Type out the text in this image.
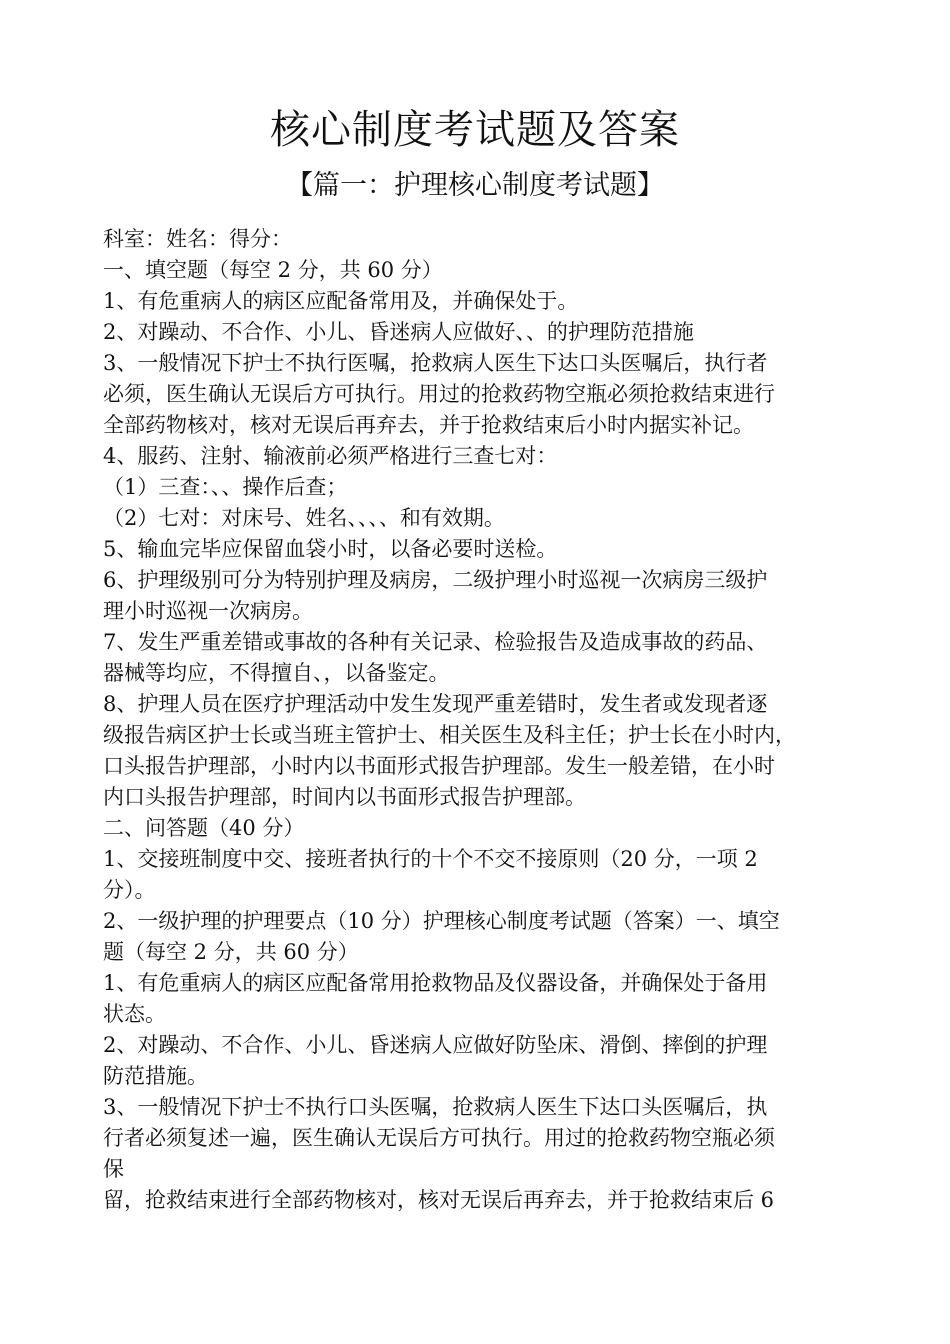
核心制度考试题及答案
【篇一：护理核心制度考试题】
科室：姓名：得分：
一、填空题（每空 2 分，共 60 分）
1、有危重病人的病区应配备常用及，并确保处于。
2、对躁动、不合作、小儿、昏迷病人应做好、、的护理防范措施
3、一般情况下护士不执行医嘱，抢救病人医生下达口头医嘱后，执行者
必须，医生确认无误后方可执行。用过的抢救药物空瓶必须抢救结束进行
全部药物核对，核对无误后再弃去，并于抢救结束后小时内据实补记。
4、服药、注射、输液前必须严格进行三查七对：
（1）三查：、、操作后查；
（2）七对：对床号、姓名、、、、和有效期。
5、输血完毕应保留血袋小时，以备必要时送检。
6、护理级别可分为特别护理及病房，二级护理小时巡视一次病房三级护
理小时巡视一次病房。
7、发生严重差错或事故的各种有关记录、检验报告及造成事故的药品、
器械等均应，不得擅自、，以备鉴定。
8、护理人员在医疗护理活动中发生发现严重差错时，发生者或发现者逐
级报告病区护士长或当班主管护士、相关医生及科主任；护士长在小时内，
口头报告护理部，小时内以书面形式报告护理部。发生一般差错，在小时
内口头报告护理部，时间内以书面形式报告护理部。
二、问答题（40 分）
1、交接班制度中交、接班者执行的十个不交不接原则（20 分，一项 2
分）。
2、一级护理的护理要点（10 分）护理核心制度考试题（答案）一、填空
题（每空 2 分，共 60 分）
1、有危重病人的病区应配备常用抢救物品及仪器设备，并确保处于备用
状态。
2、对躁动、不合作、小儿、昏迷病人应做好防坠床、滑倒、摔倒的护理
防范措施。
3、一般情况下护士不执行口头医嘱，抢救病人医生下达口头医嘱后，执
行者必须复述一遍，医生确认无误后方可执行。用过的抢救药物空瓶必须
保
留，抢救结束进行全部药物核对，核对无误后再弃去，并于抢救结束后 6
